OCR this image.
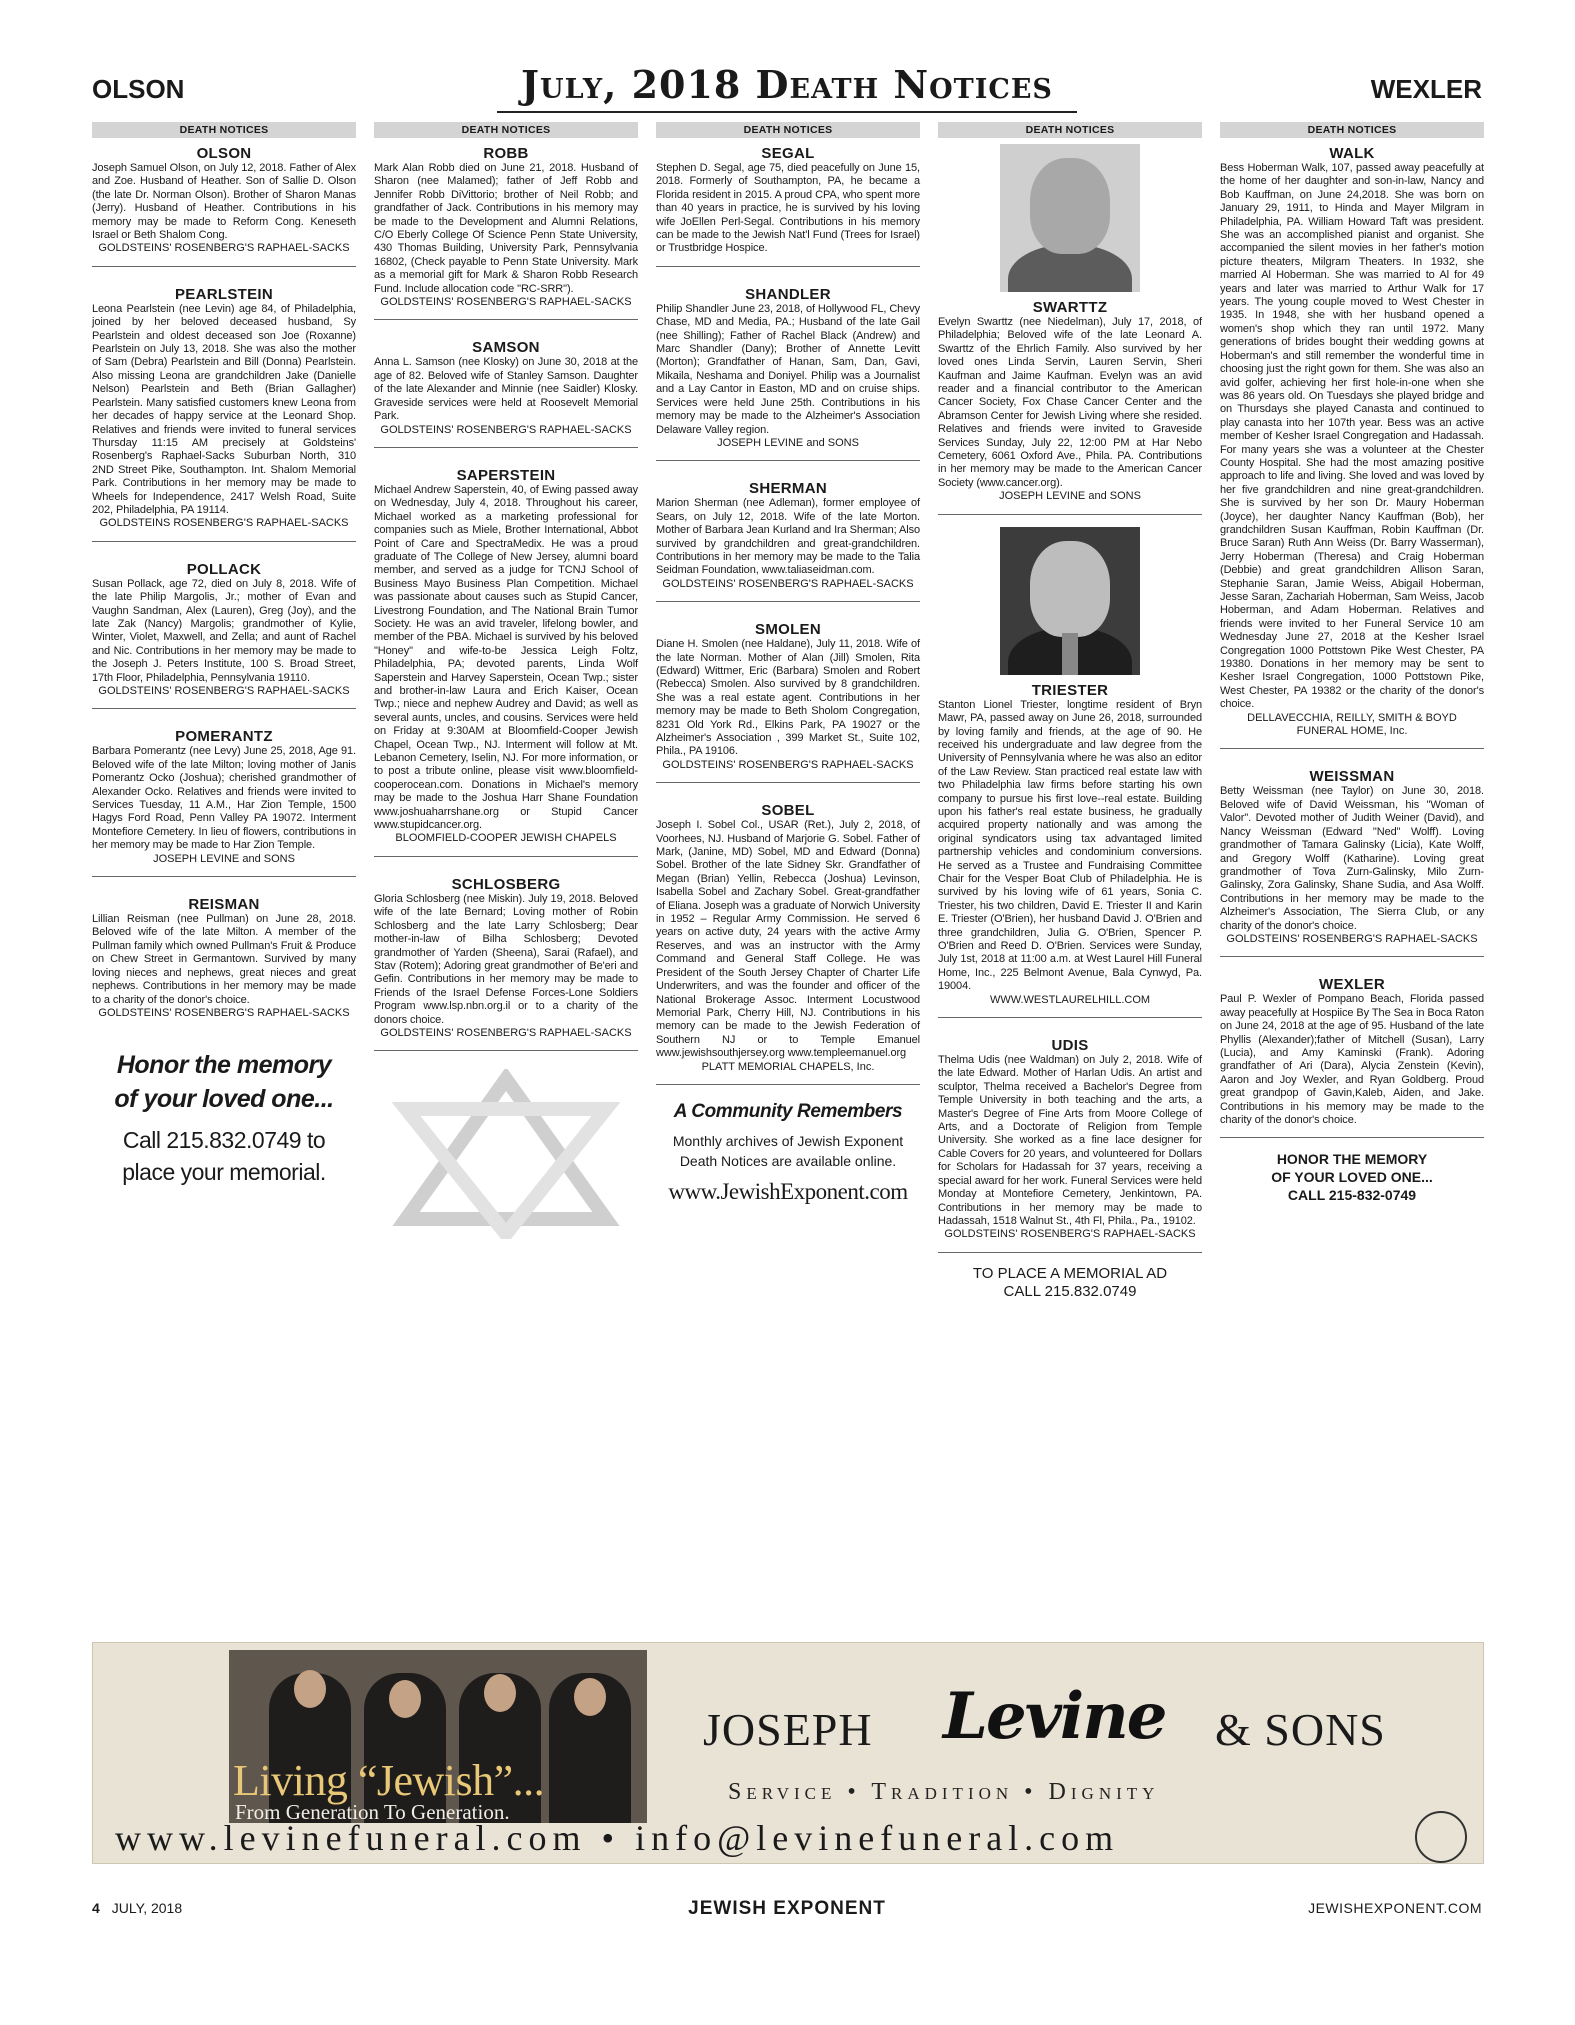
OLSON	July, 2018 Death Notices	WEXLER
DEATH NOTICES
OLSON
Joseph Samuel Olson, on July 12, 2018. Father of Alex and Zoe. Husband of Heather. Son of Sallie D. Olson (the late Dr. Norman Olson). Brother of Sharon Manas (Jerry). Husband of Heather. Contributions in his memory may be made to Reform Cong. Keneseth Israel or Beth Shalom Cong.
GOLDSTEINS' ROSENBERG'S RAPHAEL-SACKS
PEARLSTEIN
Leona Pearlstein (nee Levin) age 84, of Philadelphia, joined by her beloved deceased husband, Sy Pearlstein and oldest deceased son Joe (Roxanne) Pearlstein on July 13, 2018. She was also the mother of Sam (Debra) Pearlstein and Bill (Donna) Pearlstein. Also missing Leona are grandchildren Jake (Danielle Nelson) Pearlstein and Beth (Brian Gallagher) Pearlstein. Many satisfied customers knew Leona from her decades of happy service at the Leonard Shop. Relatives and friends were invited to funeral services Thursday 11:15 AM precisely at Goldsteins' Rosenberg's Raphael-Sacks Suburban North, 310 2ND Street Pike, Southampton. Int. Shalom Memorial Park. Contributions in her memory may be made to Wheels for Independence, 2417 Welsh Road, Suite 202, Philadelphia, PA 19114.
GOLDSTEINS ROSENBERG'S RAPHAEL-SACKS
POLLACK
Susan Pollack, age 72, died on July 8, 2018. Wife of the late Philip Margolis, Jr.; mother of Evan and Vaughn Sandman, Alex (Lauren), Greg (Joy), and the late Zak (Nancy) Margolis; grandmother of Kylie, Winter, Violet, Maxwell, and Zella; and aunt of Rachel and Nic. Contributions in her memory may be made to the Joseph J. Peters Institute, 100 S. Broad Street, 17th Floor, Philadelphia, Pennsylvania 19110.
GOLDSTEINS' ROSENBERG'S RAPHAEL-SACKS
POMERANTZ
Barbara Pomerantz (nee Levy) June 25, 2018, Age 91. Beloved wife of the late Milton; loving mother of Janis Pomerantz Ocko (Joshua); cherished grandmother of Alexander Ocko. Relatives and friends were invited to Services Tuesday, 11 A.M., Har Zion Temple, 1500 Hagys Ford Road, Penn Valley PA 19072. Interment Montefiore Cemetery. In lieu of flowers, contributions in her memory may be made to Har Zion Temple.
JOSEPH LEVINE and SONS
REISMAN
Lillian Reisman (nee Pullman) on June 28, 2018. Beloved wife of the late Milton. A member of the Pullman family which owned Pullman's Fruit & Produce on Chew Street in Germantown. Survived by many loving nieces and nephews, great nieces and great nephews. Contributions in her memory may be made to a charity of the donor's choice.
GOLDSTEINS' ROSENBERG'S RAPHAEL-SACKS
Honor the memory
of your loved one...
Call 215.832.0749 to
place your memorial.
DEATH NOTICES
ROBB
Mark Alan Robb died on June 21, 2018. Husband of Sharon (nee Malamed); father of Jeff Robb and Jennifer Robb DiVittorio; brother of Neil Robb; and grandfather of Jack. Contributions in his memory may be made to the Development and Alumni Relations, C/O Eberly College Of Science Penn State University, 430 Thomas Building, University Park, Pennsylvania 16802, (Check payable to Penn State University. Mark as a memorial gift for Mark & Sharon Robb Research Fund. Include allocation code "RC-SRR").
GOLDSTEINS' ROSENBERG'S RAPHAEL-SACKS
SAMSON
Anna L. Samson (nee Klosky) on June 30, 2018 at the age of 82. Beloved wife of Stanley Samson. Daughter of the late Alexander and Minnie (nee Saidler) Klosky. Graveside services were held at Roosevelt Memorial Park.
GOLDSTEINS' ROSENBERG'S RAPHAEL-SACKS
SAPERSTEIN
Michael Andrew Saperstein, 40, of Ewing passed away on Wednesday, July 4, 2018. Throughout his career, Michael worked as a marketing professional for companies such as Miele, Brother International, Abbot Point of Care and SpectraMedix. He was a proud graduate of The College of New Jersey, alumni board member, and served as a judge for TCNJ School of Business Mayo Business Plan Competition. Michael was passionate about causes such as Stupid Cancer, Livestrong Foundation, and The National Brain Tumor Society. He was an avid traveler, lifelong bowler, and member of the PBA. Michael is survived by his beloved "Honey" and wife-to-be Jessica Leigh Foltz, Philadelphia, PA; devoted parents, Linda Wolf Saperstein and Harvey Saperstein, Ocean Twp.; sister and brother-in-law Laura and Erich Kaiser, Ocean Twp.; niece and nephew Audrey and David; as well as several aunts, uncles, and cousins. Services were held on Friday at 9:30AM at Bloomfield-Cooper Jewish Chapel, Ocean Twp., NJ. Interment will follow at Mt. Lebanon Cemetery, Iselin, NJ. For more information, or to post a tribute online, please visit www.bloomfield-cooperocean.com. Donations in Michael's memory may be made to the Joshua Harr Shane Foundation www.joshuaharrshane.org or Stupid Cancer www.stupidcancer.org.
BLOOMFIELD-COOPER JEWISH CHAPELS
SCHLOSBERG
Gloria Schlosberg (nee Miskin). July 19, 2018. Beloved wife of the late Bernard; Loving mother of Robin Schlosberg and the late Larry Schlosberg; Dear mother-in-law of Bilha Schlosberg; Devoted grandmother of Yarden (Sheena), Sarai (Rafael), and Stav (Rotem); Adoring great grandmother of Be'eri and Gefin. Contributions in her memory may be made to Friends of the Israel Defense Forces-Lone Soldiers Program www.lsp.nbn.org.il or to a charity of the donors choice.
GOLDSTEINS' ROSENBERG'S RAPHAEL-SACKS
DEATH NOTICES
SEGAL
Stephen D. Segal, age 75, died peacefully on June 15, 2018. Formerly of Southampton, PA, he became a Florida resident in 2015. A proud CPA, who spent more than 40 years in practice, he is survived by his loving wife JoEllen Perl-Segal. Contributions in his memory can be made to the Jewish Nat'l Fund (Trees for Israel) or Trustbridge Hospice.
SHANDLER
Philip Shandler June 23, 2018, of Hollywood FL, Chevy Chase, MD and Media, PA.; Husband of the late Gail (nee Shilling); Father of Rachel Black (Andrew) and Marc Shandler (Dany); Brother of Annette Levitt (Morton); Grandfather of Hanan, Sam, Dan, Gavi, Mikaila, Neshama and Doniyel. Philip was a Journalist and a Lay Cantor in Easton, MD and on cruise ships. Services were held June 25th. Contributions in his memory may be made to the Alzheimer's Association Delaware Valley region.
JOSEPH LEVINE and SONS
SHERMAN
Marion Sherman (nee Adleman), former employee of Sears, on July 12, 2018. Wife of the late Morton. Mother of Barbara Jean Kurland and Ira Sherman; Also survived by grandchildren and great-grandchildren. Contributions in her memory may be made to the Talia Seidman Foundation, www.taliaseidman.com.
GOLDSTEINS' ROSENBERG'S RAPHAEL-SACKS
SMOLEN
Diane H. Smolen (nee Haldane), July 11, 2018. Wife of the late Norman. Mother of Alan (Jill) Smolen, Rita (Edward) Wittmer, Eric (Barbara) Smolen and Robert (Rebecca) Smolen. Also survived by 8 grandchildren. She was a real estate agent. Contributions in her memory may be made to Beth Sholom Congregation, 8231 Old York Rd., Elkins Park, PA 19027 or the Alzheimer's Association , 399 Market St., Suite 102, Phila., PA 19106.
GOLDSTEINS' ROSENBERG'S RAPHAEL-SACKS
SOBEL
Joseph I. Sobel Col., USAR (Ret.), July 2, 2018, of Voorhees, NJ. Husband of Marjorie G. Sobel. Father of Mark, (Janine, MD) Sobel, MD and Edward (Donna) Sobel. Brother of the late Sidney Skr. Grandfather of Megan (Brian) Yellin, Rebecca (Joshua) Levinson, Isabella Sobel and Zachary Sobel. Great-grandfather of Eliana. Joseph was a graduate of Norwich University in 1952 – Regular Army Commission. He served 6 years on active duty, 24 years with the active Army Reserves, and was an instructor with the Army Command and General Staff College. He was President of the South Jersey Chapter of Charter Life Underwriters, and was the founder and officer of the National Brokerage Assoc. Interment Locustwood Memorial Park, Cherry Hill, NJ. Contributions in his memory can be made to the Jewish Federation of Southern NJ or to Temple Emanuel www.jewishsouthjersey.org www.templeemanuel.org
PLATT MEMORIAL CHAPELS, Inc.
A Community Remembers
Monthly archives of Jewish Exponent
Death Notices are available online.
www.JewishExponent.com
DEATH NOTICES
SWARTTZ
Evelyn Swarttz (nee Niedelman), July 17, 2018, of Philadelphia; Beloved wife of the late Leonard A. Swarttz of the Ehrlich Family. Also survived by her loved ones Linda Servin, Lauren Servin, Sheri Kaufman and Jaime Kaufman. Evelyn was an avid reader and a financial contributor to the American Cancer Society, Fox Chase Cancer Center and the Abramson Center for Jewish Living where she resided. Relatives and friends were invited to Graveside Services Sunday, July 22, 12:00 PM at Har Nebo Cemetery, 6061 Oxford Ave., Phila. PA. Contributions in her memory may be made to the American Cancer Society (www.cancer.org).
JOSEPH LEVINE and SONS
TRIESTER
Stanton Lionel Triester, longtime resident of Bryn Mawr, PA, passed away on June 26, 2018, surrounded by loving family and friends, at the age of 90. He received his undergraduate and law degree from the University of Pennsylvania where he was also an editor of the Law Review. Stan practiced real estate law with two Philadelphia law firms before starting his own company to pursue his first love--real estate. Building upon his father's real estate business, he gradually acquired property nationally and was among the original syndicators using tax advantaged limited partnership vehicles and condominium conversions. He served as a Trustee and Fundraising Committee Chair for the Vesper Boat Club of Philadelphia. He is survived by his loving wife of 61 years, Sonia C. Triester, his two children, David E. Triester II and Karin E. Triester (O'Brien), her husband David J. O'Brien and three grandchildren, Julia G. O'Brien, Spencer P. O'Brien and Reed D. O'Brien. Services were Sunday, July 1st, 2018 at 11:00 a.m. at West Laurel Hill Funeral Home, Inc., 225 Belmont Avenue, Bala Cynwyd, Pa. 19004.
WWW.WESTLAURELHILL.COM
UDIS
Thelma Udis (nee Waldman) on July 2, 2018. Wife of the late Edward. Mother of Harlan Udis. An artist and sculptor, Thelma received a Bachelor's Degree from Temple University in both teaching and the arts, a Master's Degree of Fine Arts from Moore College of Arts, and a Doctorate of Religion from Temple University. She worked as a fine lace designer for Cable Covers for 20 years, and volunteered for Dollars for Scholars for Hadassah for 37 years, receiving a special award for her work. Funeral Services were held Monday at Montefiore Cemetery, Jenkintown, PA. Contributions in her memory may be made to Hadassah, 1518 Walnut St., 4th Fl, Phila., Pa., 19102.
GOLDSTEINS' ROSENBERG'S RAPHAEL-SACKS
TO PLACE A MEMORIAL AD
CALL 215.832.0749
DEATH NOTICES
WALK
Bess Hoberman Walk, 107, passed away peacefully at the home of her daughter and son-in-law, Nancy and Bob Kauffman, on June 24,2018. She was born on January 29, 1911, to Hinda and Mayer Milgram in Philadelphia, PA. William Howard Taft was president. She was an accomplished pianist and organist. She accompanied the silent movies in her father's motion picture theaters, Milgram Theaters. In 1932, she married Al Hoberman. She was married to Al for 49 years and later was married to Arthur Walk for 17 years. The young couple moved to West Chester in 1935. In 1948, she with her husband opened a women's shop which they ran until 1972. Many generations of brides bought their wedding gowns at Hoberman's and still remember the wonderful time in choosing just the right gown for them. She was also an avid golfer, achieving her first hole-in-one when she was 86 years old. On Tuesdays she played bridge and on Thursdays she played Canasta and continued to play canasta into her 107th year. Bess was an active member of Kesher Israel Congregation and Hadassah. For many years she was a volunteer at the Chester County Hospital. She had the most amazing positive approach to life and living. She loved and was loved by her five grandchildren and nine great-grandchildren. She is survived by her son Dr. Maury Hoberman (Joyce), her daughter Nancy Kauffman (Bob), her grandchildren Susan Kauffman, Robin Kauffman (Dr. Bruce Saran) Ruth Ann Weiss (Dr. Barry Wasserman), Jerry Hoberman (Theresa) and Craig Hoberman (Debbie) and great grandchildren Allison Saran, Stephanie Saran, Jamie Weiss, Abigail Hoberman, Jesse Saran, Zachariah Hoberman, Sam Weiss, Jacob Hoberman, and Adam Hoberman. Relatives and friends were invited to her Funeral Service 10 am Wednesday June 27, 2018 at the Kesher Israel Congregation 1000 Pottstown Pike West Chester, PA 19380. Donations in her memory may be sent to Kesher Israel Congregation, 1000 Pottstown Pike, West Chester, PA 19382 or the charity of the donor's choice.
DELLAVECCHIA, REILLY, SMITH & BOYD FUNERAL HOME, Inc.
WEISSMAN
Betty Weissman (nee Taylor) on June 30, 2018. Beloved wife of David Weissman, his "Woman of Valor". Devoted mother of Judith Weiner (David), and Nancy Weissman (Edward "Ned" Wolff). Loving grandmother of Tamara Galinsky (Licia), Kate Wolff, and Gregory Wolff (Katharine). Loving great grandmother of Tova Zurn-Galinsky, Milo Zurn-Galinsky, Zora Galinsky, Shane Sudia, and Asa Wolff. Contributions in her memory may be made to the Alzheimer's Association, The Sierra Club, or any charity of the donor's choice.
GOLDSTEINS' ROSENBERG'S RAPHAEL-SACKS
WEXLER
Paul P. Wexler of Pompano Beach, Florida passed away peacefully at Hospiice By The Sea in Boca Raton on June 24, 2018 at the age of 95. Husband of the late Phyllis (Alexander);father of Mitchell (Susan), Larry (Lucia), and Amy Kaminski (Frank). Adoring grandfather of Ari (Dara), Alycia Zenstein (Kevin), Aaron and Joy Wexler, and Ryan Goldberg. Proud great grandpop of Gavin,Kaleb, Aiden, and Jake. Contributions in his memory may be made to the charity of the donor's choice.
HONOR THE MEMORY
OF YOUR LOVED ONE...
CALL 215-832-0749
Living “Jewish”...
From Generation To Generation.
JOSEPH Levine & SONS
Service • Tradition • Dignity
www.levinefuneral.com • info@levinefuneral.com
4 JULY, 2018	JEWISH EXPONENT	JEWISHEXPONENT.COM
